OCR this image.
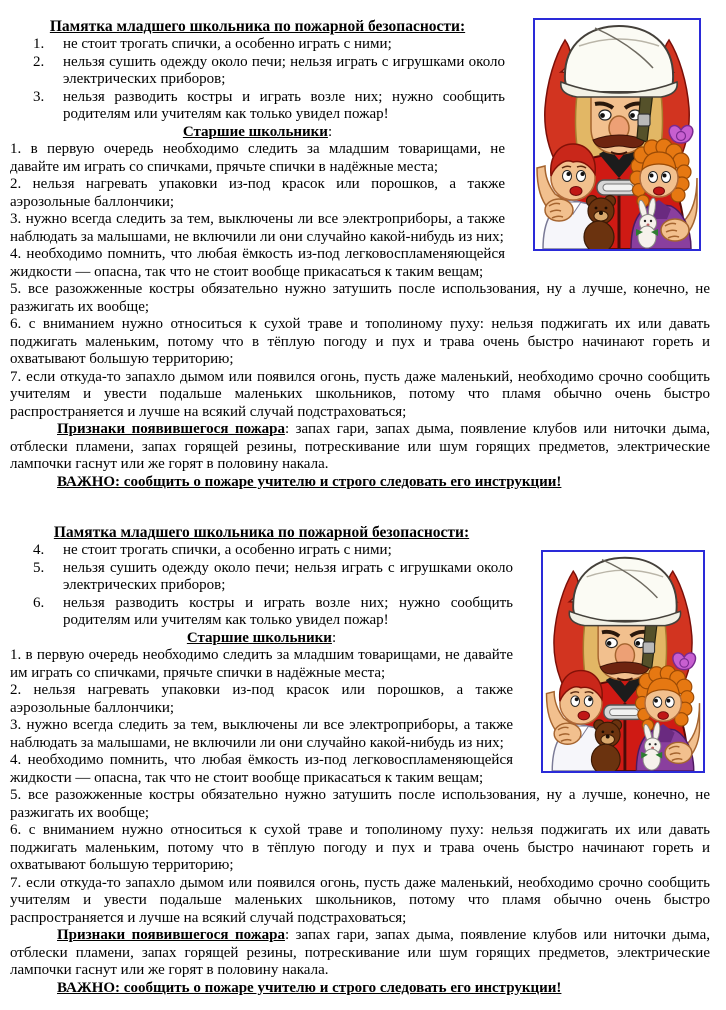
Памятка младшего школьника по пожарной безопасности:
1. не стоит трогать спички, а особенно играть с ними;
2. нельзя сушить одежду около печи; нельзя играть с игрушками около электрических приборов;
3. нельзя разводить костры и играть возле них; нужно сообщить родителям или учителям как только увидел пожар!
Старшие школьники:

1. в первую очередь необходимо следить за младшим товарищами, не давайте им играть со спичками, прячьте спички в надёжные места;

2. нельзя нагревать упаковки из-под красок или порошков, а также аэрозольные баллончики;

3. нужно всегда следить за тем, выключены ли все электроприборы, а также наблюдать за малышами, не включили ли они случайно какой-нибудь из них;

4. необходимо помнить, что любая ёмкость из-под легковоспламеняющейся жидкости — опасна, так что не стоит вообще прикасаться к таким вещам;

5. все разожженные костры обязательно нужно затушить после использования, ну а лучше, конечно, не разжигать их вообще;

6. с вниманием нужно относиться к сухой траве и тополиному пуху: нельзя поджигать их или давать поджигать маленьким, потому что в тёплую погоду и пух и трава очень быстро начинают гореть и охватывают большую территорию;

7. если откуда-то запахло дымом или появился огонь, пусть даже маленький, необходимо срочно сообщить учителям и увести подальше маленьких школьников, потому что пламя обычно очень быстро распространяется и лучше на всякий случай подстраховаться;

Признаки появившегося пожара: запах гари, запах дыма, появление клубов или ниточки дыма, отблески пламени, запах горящей резины, потрескивание или шум горящих предметов, электрические лампочки гаснут или же горят в половину накала.

ВАЖНО: сообщить о пожаре учителю и строго следовать его инструкции!

Памятка младшего школьника по пожарной безопасности:
4. не стоит трогать спички, а особенно играть с ними;
5. нельзя сушить одежду около печи; нельзя играть с игрушками около электрических приборов;
6. нельзя разводить костры и играть возле них; нужно сообщить родителям или учителям как только увидел пожар!
Старшие школьники:

1. в первую очередь необходимо следить за младшим товарищами, не давайте им играть со спичками, прячьте спички в надёжные места;

2. нельзя нагревать упаковки из-под красок или порошков, а также аэрозольные баллончики;

3. нужно всегда следить за тем, выключены ли все электроприборы, а также наблюдать за малышами, не включили ли они случайно какой-нибудь из них;

4. необходимо помнить, что любая ёмкость из-под легковоспламеняющейся жидкости — опасна, так что не стоит вообще прикасаться к таким вещам;

5. все разожженные костры обязательно нужно затушить после использования, ну а лучше, конечно, не разжигать их вообще;

6. с вниманием нужно относиться к сухой траве и тополиному пуху: нельзя поджигать их или давать поджигать маленьким, потому что в тёплую погоду и пух и трава очень быстро начинают гореть и охватывают большую территорию;

7. если откуда-то запахло дымом или появился огонь, пусть даже маленький, необходимо срочно сообщить учителям и увести подальше маленьких школьников, потому что пламя обычно очень быстро распространяется и лучше на всякий случай подстраховаться;

Признаки появившегося пожара: запах гари, запах дыма, появление клубов или ниточки дыма, отблески пламени, запах горящей резины, потрескивание или шум горящих предметов, электрические лампочки гаснут или же горят в половину накала.

ВАЖНО: сообщить о пожаре учителю и строго следовать его инструкции!
